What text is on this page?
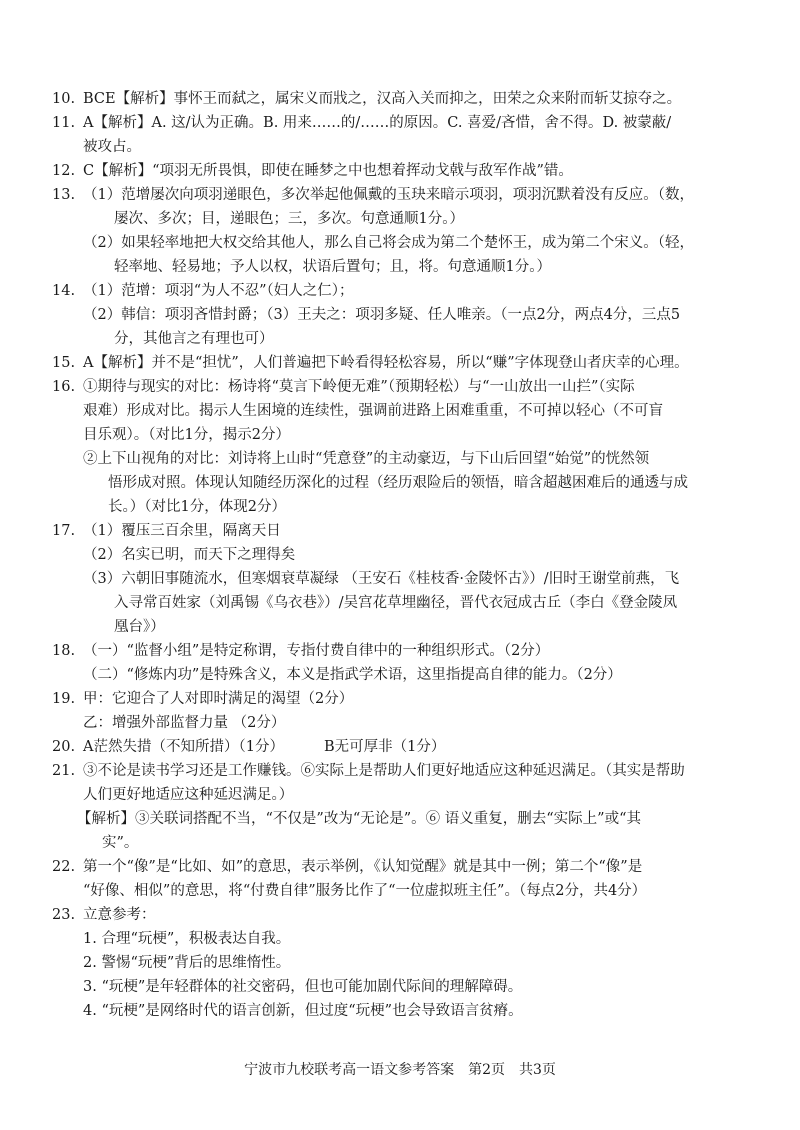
10. BCE【解析】事怀王而弑之，属宋义而戕之，汉高入关而抑之，田荣之众来附而斩艾掠夺之。
11. A【解析】A. 这/认为正确。B. 用来……的/……的原因。C. 喜爱/吝惜，舍不得。D. 被蒙蔽/
被攻占。
12. C【解析】“项羽无所畏惧，即使在睡梦之中也想着挥动戈戟与敌军作战”错。
13. （1）范增屡次向项羽递眼色，多次举起他佩戴的玉玦来暗示项羽，项羽沉默着没有反应。（数，
屡次、多次；目，递眼色；三，多次。句意通顺1分。）
（2）如果轻率地把大权交给其他人，那么自己将会成为第二个楚怀王，成为第二个宋义。（轻，
轻率地、轻易地；予人以权，状语后置句；且，将。句意通顺1分。）
14. （1）范增：项羽“为人不忍”（妇人之仁）；
（2）韩信：项羽吝惜封爵；（3）王夫之：项羽多疑、任人唯亲。（一点2分，两点4分，三点5
分，其他言之有理也可）
15. A【解析】并不是“担忧”，人们普遍把下岭看得轻松容易，所以“赚”字体现登山者庆幸的心理。
16. ①期待与现实的对比：杨诗将“莫言下岭便无难”（预期轻松）与“一山放出一山拦”（实际
艰难）形成对比。揭示人生困境的连续性，强调前进路上困难重重，不可掉以轻心（不可盲
目乐观）。（对比1分，揭示2分）
②上下山视角的对比：刘诗将上山时“凭意登”的主动豪迈，与下山后回望“始觉”的恍然领
悟形成对照。体现认知随经历深化的过程（经历艰险后的领悟，暗含超越困难后的通透与成
长。）（对比1分，体现2分）
17. （1）覆压三百余里，隔离天日
（2）名实已明，而天下之理得矣
（3）六朝旧事随流水，但寒烟衰草凝绿 （王安石《桂枝香·金陵怀古》）/旧时王谢堂前燕，飞
入寻常百姓家（刘禹锡《乌衣巷》）/吴宫花草埋幽径，晋代衣冠成古丘（李白《登金陵凤
凰台》）
18. （一）“监督小组”是特定称谓，专指付费自律中的一种组织形式。（2分）
（二）“修炼内功”是特殊含义，本义是指武学术语，这里指提高自律的能力。（2分）
19. 甲：它迎合了人对即时满足的渴望（2分）
乙：增强外部监督力量 （2分）
20. A茫然失措（不知所措）（1分）	B无可厚非（1分）
21. ③不论是读书学习还是工作赚钱。⑥实际上是帮助人们更好地适应这种延迟满足。（其实是帮助
人们更好地适应这种延迟满足。）
【解析】③关联词搭配不当，“不仅是”改为“无论是”。⑥ 语义重复，删去“实际上”或“其
实”。
22. 第一个“像”是“比如、如”的意思，表示举例，《认知觉醒》就是其中一例；第二个“像”是
“好像、相似”的意思，将“付费自律”服务比作了“一位虚拟班主任”。（每点2分，共4分）
23. 立意参考：
1. 合理“玩梗”，积极表达自我。
2. 警惕“玩梗”背后的思维惰性。
3. “玩梗”是年轻群体的社交密码，但也可能加剧代际间的理解障碍。
4. “玩梗”是网络时代的语言创新，但过度“玩梗”也会导致语言贫瘠。
宁波市九校联考高一语文参考答案　第2页　共3页
